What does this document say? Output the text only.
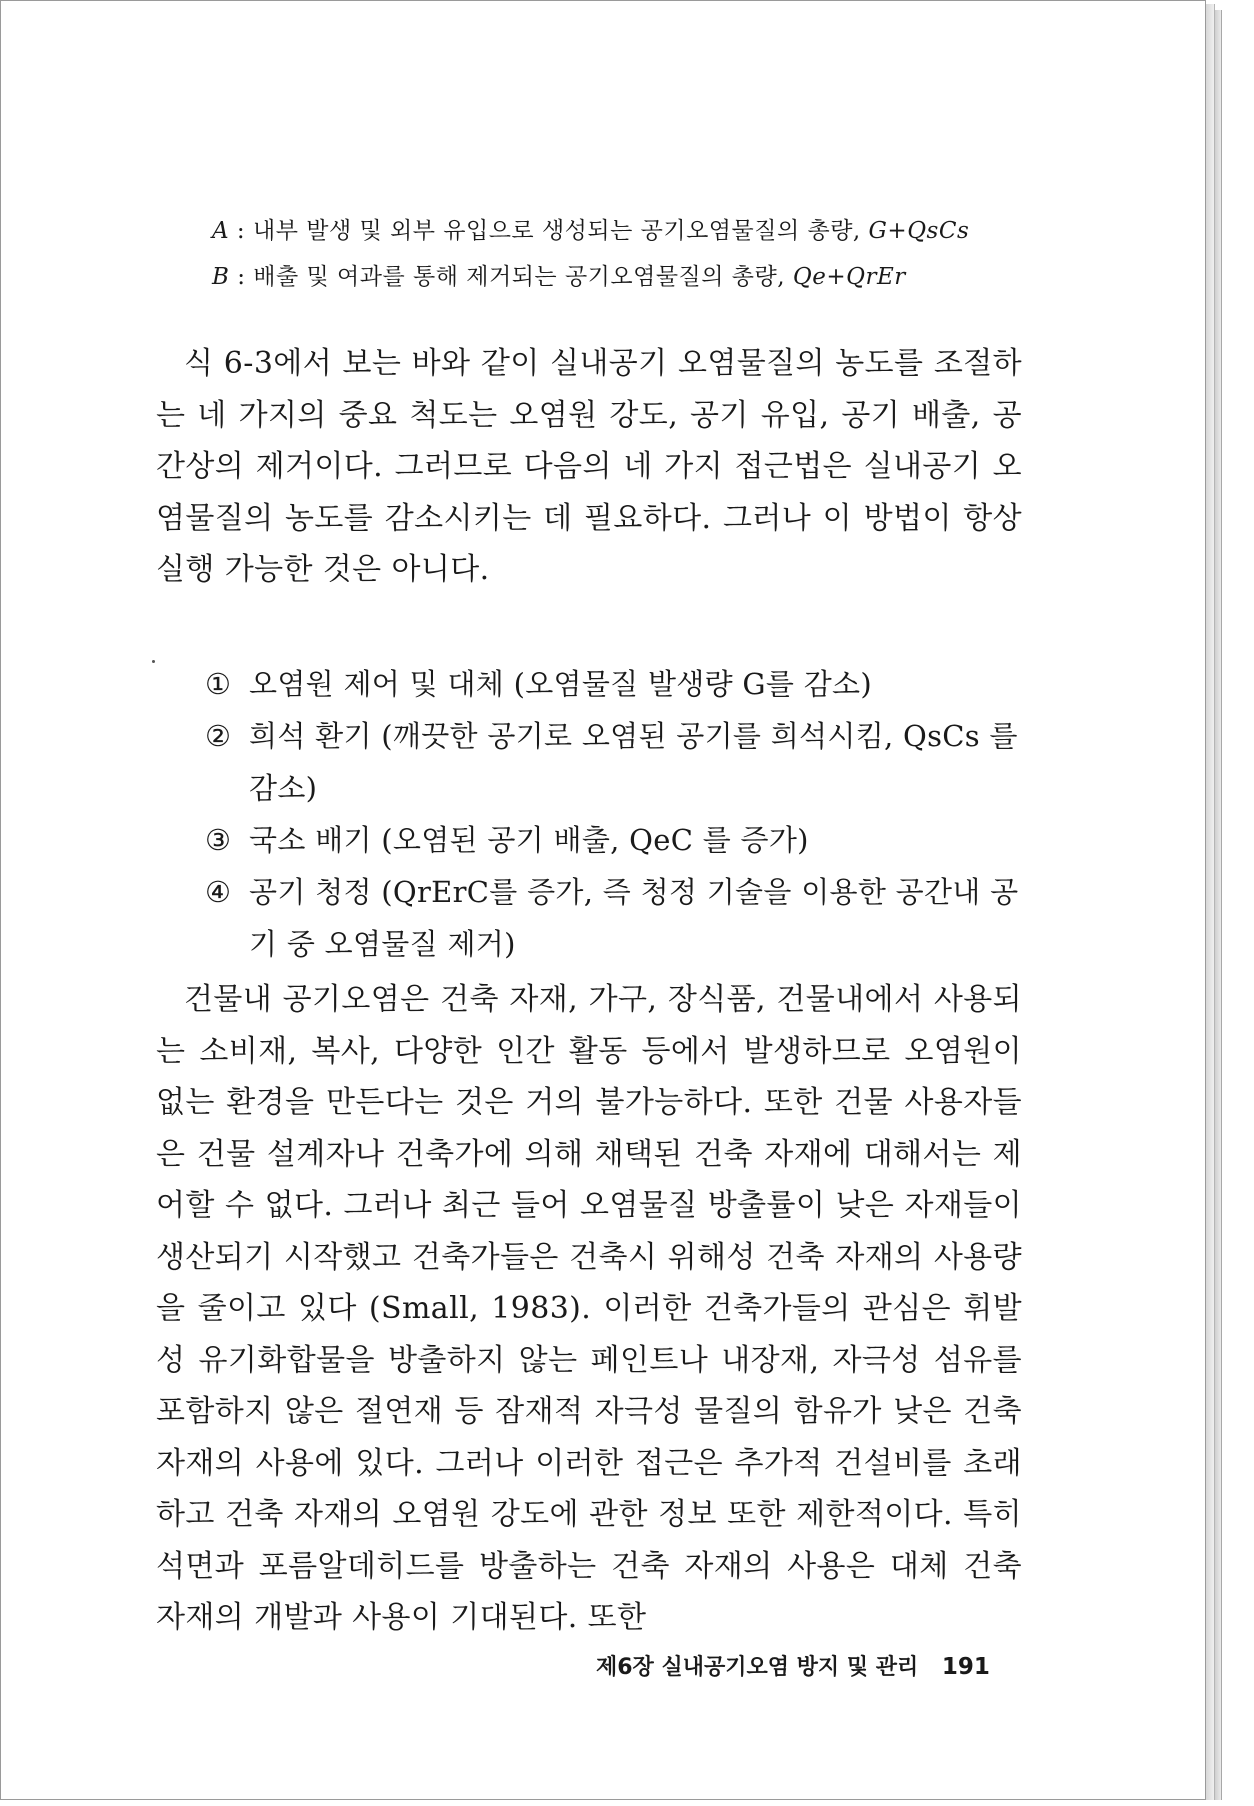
A : 내부 발생 및 외부 유입으로 생성되는 공기오염물질의 총량, G+QsCs
B : 배출 및 여과를 통해 제거되는 공기오염물질의 총량, Qe+QrEr

식 6-3에서 보는 바와 같이 실내공기 오염물질의 농도를 조절하는 네 가지의 중요 척도는 오염원 강도, 공기 유입, 공기 배출, 공간상의 제거이다. 그러므로 다음의 네 가지 접근법은 실내공기 오염물질의 농도를 감소시키는 데 필요하다. 그러나 이 방법이 항상 실행 가능한 것은 아니다.

① 오염원 제어 및 대체 (오염물질 발생량 G를 감소)
② 희석 환기 (깨끗한 공기로 오염된 공기를 희석시킴, QsCs 를 감소)
③ 국소 배기 (오염된 공기 배출, QeC 를 증가)
④ 공기 청정 (QrErC를 증가, 즉 청정 기술을 이용한 공간내 공기 중 오염물질 제거)

건물내 공기오염은 건축 자재, 가구, 장식품, 건물내에서 사용되는 소비재, 복사, 다양한 인간 활동 등에서 발생하므로 오염원이 없는 환경을 만든다는 것은 거의 불가능하다. 또한 건물 사용자들은 건물 설계자나 건축가에 의해 채택된 건축 자재에 대해서는 제어할 수 없다. 그러나 최근 들어 오염물질 방출률이 낮은 자재들이 생산되기 시작했고 건축가들은 건축시 위해성 건축 자재의 사용량을 줄이고 있다 (Small, 1983). 이러한 건축가들의 관심은 휘발성 유기화합물을 방출하지 않는 페인트나 내장재, 자극성 섬유를 포함하지 않은 절연재 등 잠재적 자극성 물질의 함유가 낮은 건축 자재의 사용에 있다. 그러나 이러한 접근은 추가적 건설비를 초래하고 건축 자재의 오염원 강도에 관한 정보 또한 제한적이다. 특히 석면과 포름알데히드를 방출하는 건축 자재의 사용은 대체 건축 자재의 개발과 사용이 기대된다. 또한

제6장 실내공기오염 방지 및 관리 191
